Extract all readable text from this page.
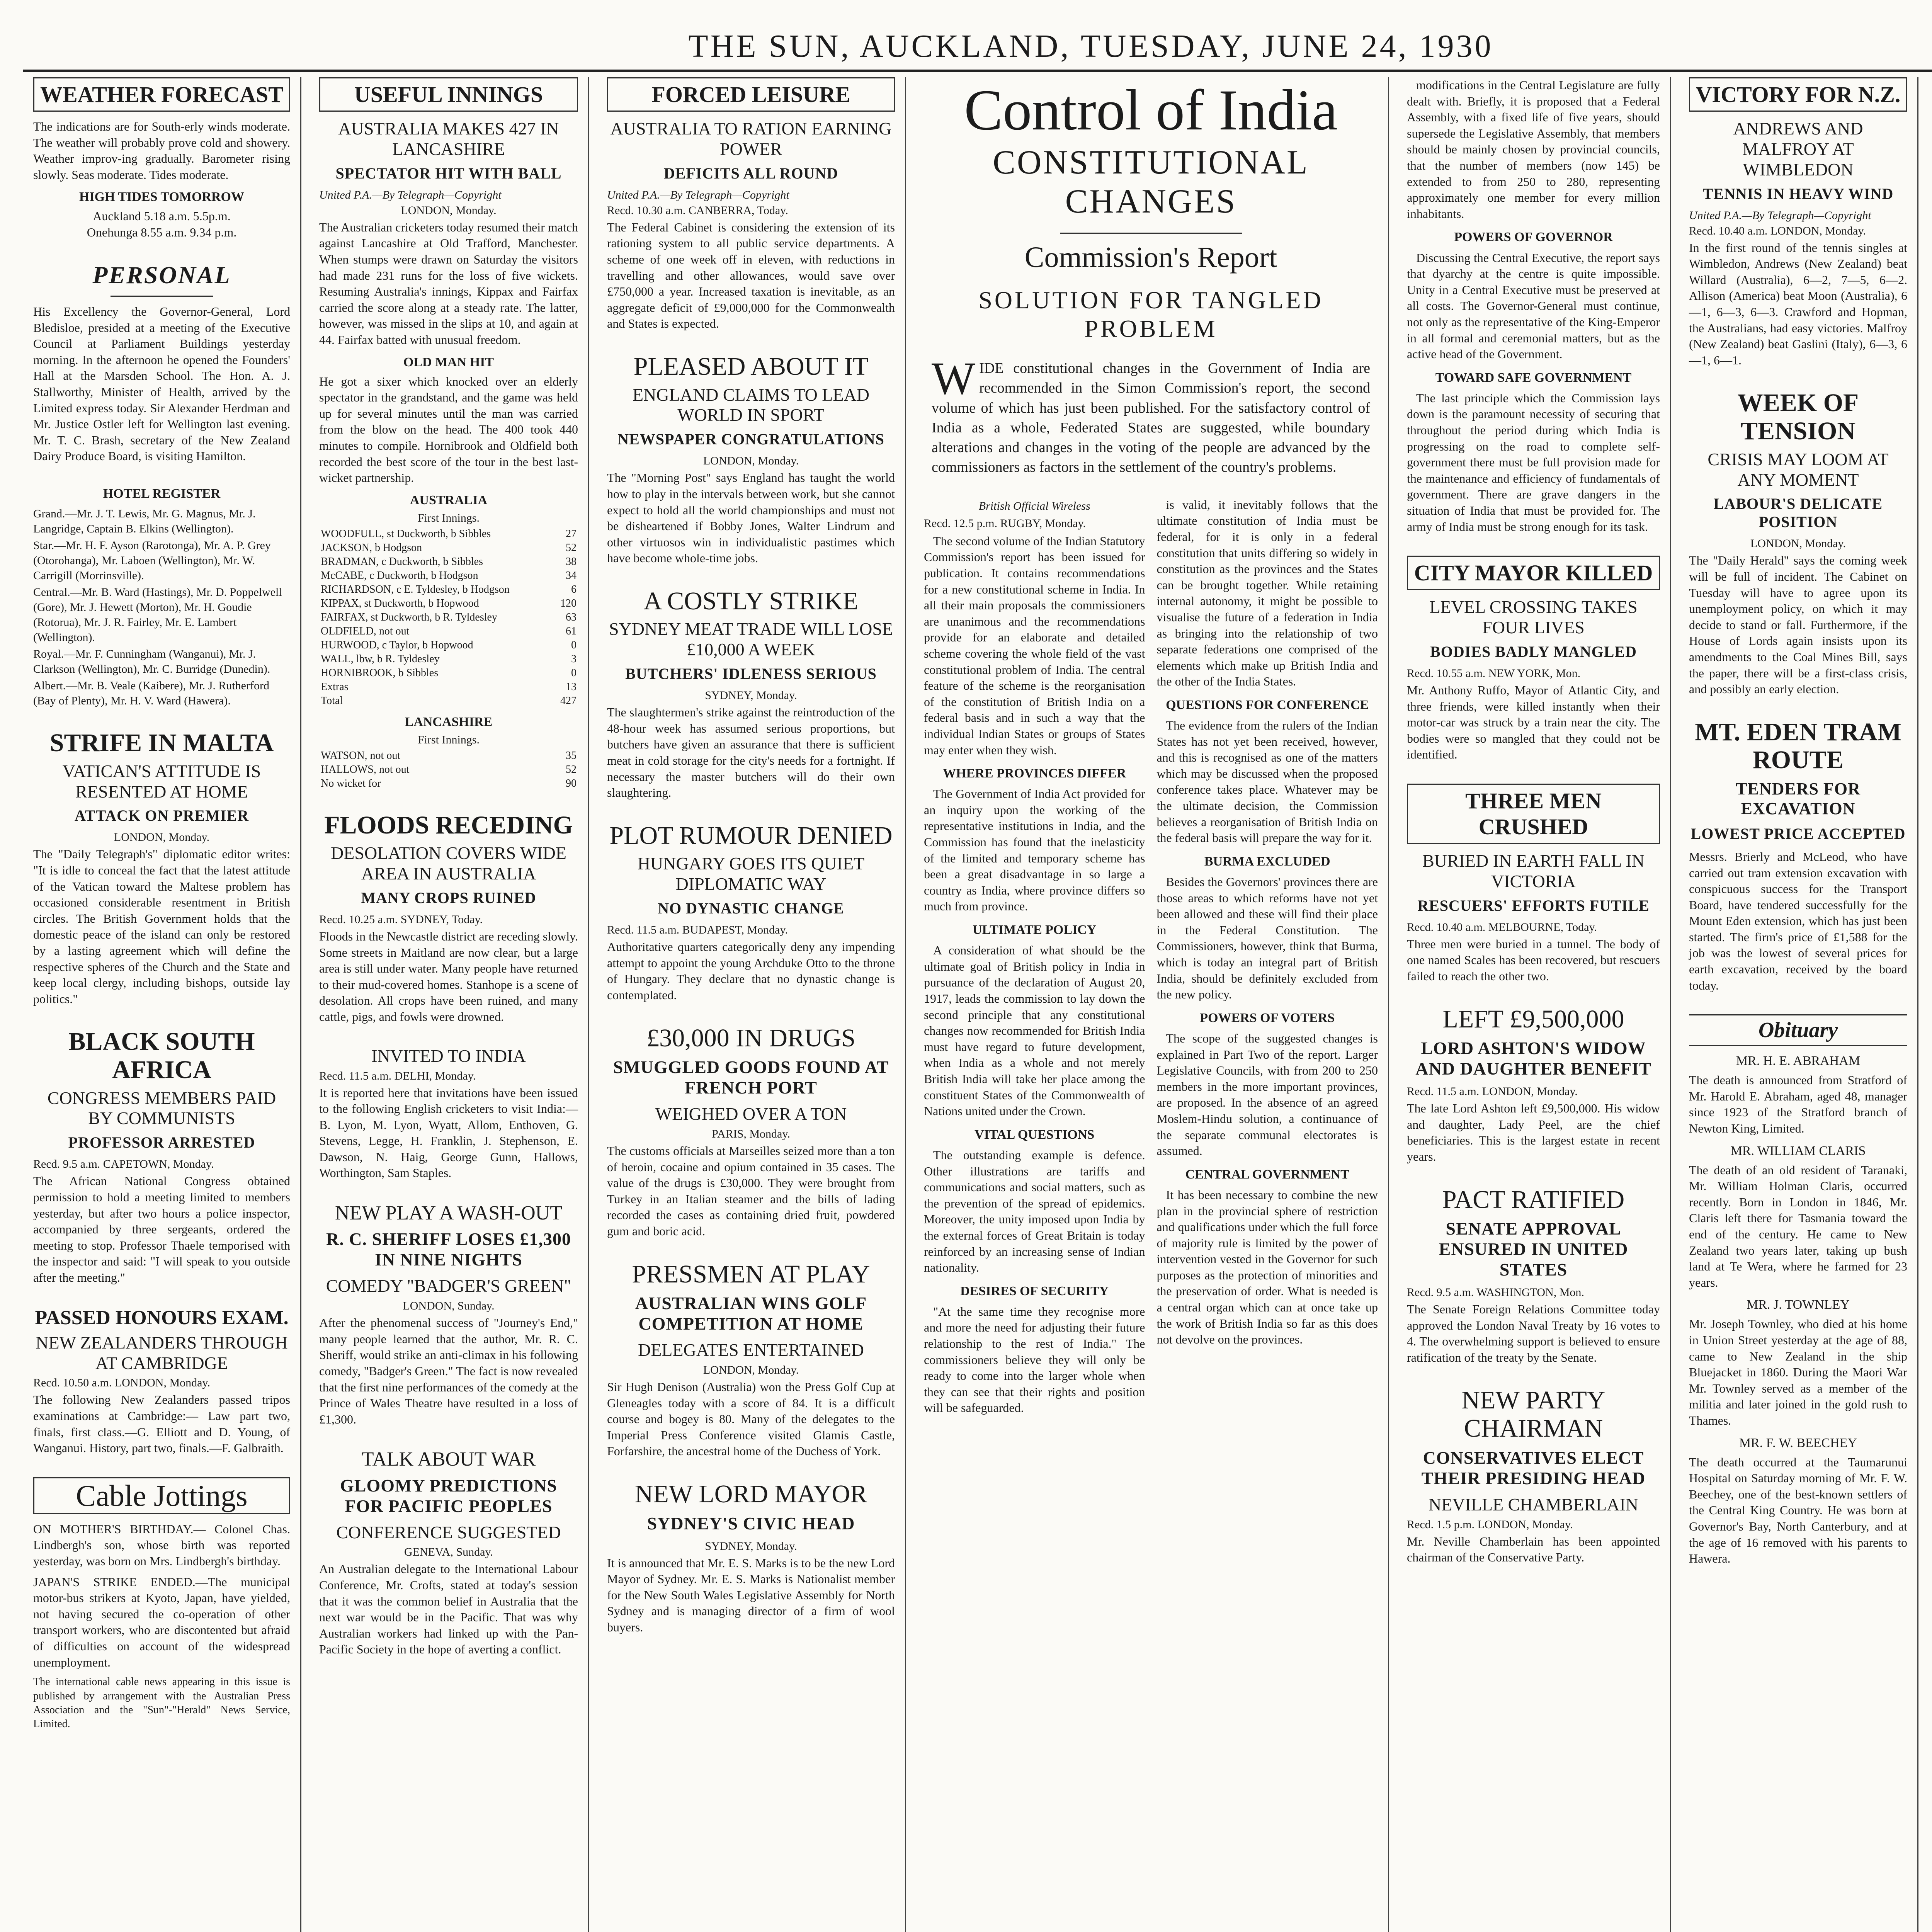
THE SUN, AUCKLAND, TUESDAY, JUNE 24, 1930
WEATHER FORECAST
The indications are for South-erly winds moderate. The weather will probably prove cold and showery. Weather improv-ing gradually. Barometer rising slowly. Seas moderate. Tides moderate.
HIGH TIDES TOMORROW
Auckland 5.18 a.m. 5.5p.m.
Onehunga 8.55 a.m. 9.34 p.m.
PERSONAL
His Excellency the Governor-General, Lord Bledisloe, presided at a meeting of the Executive Council at Parliament Buildings yesterday morning. In the afternoon he opened the Founders' Hall at the Marsden School. The Hon. A. J. Stallworthy, Minister of Health, arrived by the Limited express today. Sir Alexander Herdman and Mr. Justice Ostler left for Wellington last evening. Mr. T. C. Brash, secretary of the New Zealand Dairy Produce Board, is visiting Hamilton.
HOTEL REGISTER

Grand.—Mr. J. T. Lewis, Mr. G. Magnus, Mr. J. Langridge, Captain B. Elkins (Wellington).

Star.—Mr. H. F. Ayson (Rarotonga), Mr. A. P. Grey (Otorohanga), Mr. Laboen (Wellington), Mr. W. Carrigill (Morrinsville).

Central.—Mr. B. Ward (Hastings), Mr. D. Poppelwell (Gore), Mr. J. Hewett (Morton), Mr. H. Goudie (Rotorua), Mr. J. R. Fairley, Mr. E. Lambert (Wellington).

Royal.—Mr. F. Cunningham (Wanganui), Mr. J. Clarkson (Wellington), Mr. C. Burridge (Dunedin).

Albert.—Mr. B. Veale (Kaibere), Mr. J. Rutherford (Bay of Plenty), Mr. H. V. Ward (Hawera).

STRIFE IN MALTA
VATICAN'S ATTITUDE IS RESENTED AT HOME
ATTACK ON PREMIER
LONDON, Monday.
The "Daily Telegraph's" diplomatic editor writes: "It is idle to conceal the fact that the latest attitude of the Vatican toward the Maltese problem has occasioned considerable resentment in British circles. The British Government holds that the domestic peace of the island can only be restored by a lasting agreement which will define the respective spheres of the Church and the State and keep local clergy, including bishops, outside lay politics."
BLACK SOUTH AFRICA
CONGRESS MEMBERS PAID BY COMMUNISTS
PROFESSOR ARRESTED
Recd. 9.5 a.m. CAPETOWN, Monday.
The African National Congress obtained permission to hold a meeting limited to members yesterday, but after two hours a police inspector, accompanied by three sergeants, ordered the meeting to stop. Professor Thaele temporised with the inspector and said: "I will speak to you outside after the meeting."
PASSED HONOURS EXAM.
NEW ZEALANDERS THROUGH AT CAMBRIDGE
Recd. 10.50 a.m. LONDON, Monday.
The following New Zealanders passed tripos examinations at Cambridge:— Law part two, finals, first class.—G. Elliott and D. Young, of Wanganui. History, part two, finals.—F. Galbraith.
Cable Jottings
ON MOTHER'S BIRTHDAY.— Colonel Chas. Lindbergh's son, whose birth was reported yesterday, was born on Mrs. Lindbergh's birthday.
JAPAN'S STRIKE ENDED.—The municipal motor-bus strikers at Kyoto, Japan, have yielded, not having secured the co-operation of other transport workers, who are discontented but afraid of difficulties on account of the widespread unemployment.
The international cable news appearing in this issue is published by arrangement with the Australian Press Association and the "Sun"-"Herald" News Service, Limited.
USEFUL INNINGS
AUSTRALIA MAKES 427 IN LANCASHIRE
SPECTATOR HIT WITH BALL
United P.A.—By Telegraph—Copyright
LONDON, Monday.
The Australian cricketers today resumed their match against Lancashire at Old Trafford, Manchester. When stumps were drawn on Saturday the visitors had made 231 runs for the loss of five wickets. Resuming Australia's innings, Kippax and Fairfax carried the score along at a steady rate. The latter, however, was missed in the slips at 10, and again at 44. Fairfax batted with unusual freedom.
OLD MAN HIT
He got a sixer which knocked over an elderly spectator in the grandstand, and the game was held up for several minutes until the man was carried from the blow on the head. The 400 took 440 minutes to compile. Hornibrook and Oldfield both recorded the best score of the tour in the best last-wicket partnership.
AUSTRALIA
First Innings.
WOODFULL, st Duckworth, b Sibbles	27
JACKSON, b Hodgson	52
BRADMAN, c Duckworth, b Sibbles	38
McCABE, c Duckworth, b Hodgson	34
RICHARDSON, c E. Tyldesley, b Hodgson	6
KIPPAX, st Duckworth, b Hopwood	120
FAIRFAX, st Duckworth, b R. Tyldesley	63
OLDFIELD, not out	61
HURWOOD, c Taylor, b Hopwood	0
WALL, lbw, b R. Tyldesley	3
HORNIBROOK, b Sibbles	0
Extras	13
Total	427
LANCASHIRE
First Innings.
WATSON, not out	35
HALLOWS, not out	52
No wicket for	90
FLOODS RECEDING
DESOLATION COVERS WIDE AREA IN AUSTRALIA
MANY CROPS RUINED
Recd. 10.25 a.m. SYDNEY, Today.
Floods in the Newcastle district are receding slowly. Some streets in Maitland are now clear, but a large area is still under water. Many people have returned to their mud-covered homes. Stanhope is a scene of desolation. All crops have been ruined, and many cattle, pigs, and fowls were drowned.
INVITED TO INDIA
Recd. 11.5 a.m. DELHI, Monday.
It is reported here that invitations have been issued to the following English cricketers to visit India:—B. Lyon, M. Lyon, Wyatt, Allom, Enthoven, G. Stevens, Legge, H. Franklin, J. Stephenson, E. Dawson, N. Haig, George Gunn, Hallows, Worthington, Sam Staples.
NEW PLAY A WASH-OUT
R. C. SHERIFF LOSES £1,300 IN NINE NIGHTS
COMEDY "BADGER'S GREEN"
LONDON, Sunday.
After the phenomenal success of "Journey's End," many people learned that the author, Mr. R. C. Sheriff, would strike an anti-climax in his following comedy, "Badger's Green." The fact is now revealed that the first nine performances of the comedy at the Prince of Wales Theatre have resulted in a loss of £1,300.
TALK ABOUT WAR
GLOOMY PREDICTIONS FOR PACIFIC PEOPLES
CONFERENCE SUGGESTED
GENEVA, Sunday.
An Australian delegate to the International Labour Conference, Mr. Crofts, stated at today's session that it was the common belief in Australia that the next war would be in the Pacific. That was why Australian workers had linked up with the Pan-Pacific Society in the hope of averting a conflict.
FORCED LEISURE
AUSTRALIA TO RATION EARNING POWER
DEFICITS ALL ROUND
United P.A.—By Telegraph—Copyright
Recd. 10.30 a.m. CANBERRA, Today.
The Federal Cabinet is considering the extension of its rationing system to all public service departments. A scheme of one week off in eleven, with reductions in travelling and other allowances, would save over £750,000 a year. Increased taxation is inevitable, as an aggregate deficit of £9,000,000 for the Commonwealth and States is expected.
PLEASED ABOUT IT
ENGLAND CLAIMS TO LEAD WORLD IN SPORT
NEWSPAPER CONGRATULATIONS
LONDON, Monday.
The "Morning Post" says England has taught the world how to play in the intervals between work, but she cannot expect to hold all the world championships and must not be disheartened if Bobby Jones, Walter Lindrum and other virtuosos win in individualistic pastimes which have become whole-time jobs.
A COSTLY STRIKE
SYDNEY MEAT TRADE WILL LOSE £10,000 A WEEK
BUTCHERS' IDLENESS SERIOUS
SYDNEY, Monday.
The slaughtermen's strike against the reintroduction of the 48-hour week has assumed serious proportions, but butchers have given an assurance that there is sufficient meat in cold storage for the city's needs for a fortnight. If necessary the master butchers will do their own slaughtering.
PLOT RUMOUR DENIED
HUNGARY GOES ITS QUIET DIPLOMATIC WAY
NO DYNASTIC CHANGE
Recd. 11.5 a.m. BUDAPEST, Monday.
Authoritative quarters categorically deny any impending attempt to appoint the young Archduke Otto to the throne of Hungary. They declare that no dynastic change is contemplated.
£30,000 IN DRUGS
SMUGGLED GOODS FOUND AT FRENCH PORT
WEIGHED OVER A TON
PARIS, Monday.
The customs officials at Marseilles seized more than a ton of heroin, cocaine and opium contained in 35 cases. The value of the drugs is £30,000. They were brought from Turkey in an Italian steamer and the bills of lading recorded the cases as containing dried fruit, powdered gum and boric acid.
PRESSMEN AT PLAY
AUSTRALIAN WINS GOLF COMPETITION AT HOME
DELEGATES ENTERTAINED
LONDON, Monday.
Sir Hugh Denison (Australia) won the Press Golf Cup at Gleneagles today with a score of 84. It is a difficult course and bogey is 80. Many of the delegates to the Imperial Press Conference visited Glamis Castle, Forfarshire, the ancestral home of the Duchess of York.
NEW LORD MAYOR
SYDNEY'S CIVIC HEAD
SYDNEY, Monday.
It is announced that Mr. E. S. Marks is to be the new Lord Mayor of Sydney. Mr. E. S. Marks is Nationalist member for the New South Wales Legislative Assembly for North Sydney and is managing director of a firm of wool buyers.
Control of India
CONSTITUTIONAL CHANGES
Commission's Report
SOLUTION FOR TANGLED PROBLEM
WIDE constitutional changes in the Government of India are recommended in the Simon Commission's report, the second volume of which has just been published. For the satisfactory control of India as a whole, Federated States are suggested, while boundary alterations and changes in the voting of the people are advanced by the commissioners as factors in the settlement of the country's problems.
British Official Wireless
Recd. 12.5 p.m. RUGBY, Monday.

The second volume of the Indian Statutory Commission's report has been issued for publication. It contains recommendations for a new constitutional scheme in India. In all their main proposals the commissioners are unanimous and the recommendations provide for an elaborate and detailed scheme covering the whole field of the vast constitutional problem of India. The central feature of the scheme is the reorganisation of the constitution of British India on a federal basis and in such a way that the individual Indian States or groups of States may enter when they wish.

WHERE PROVINCES DIFFER

The Government of India Act provided for an inquiry upon the working of the representative institutions in India, and the Commission has found that the inelasticity of the limited and temporary scheme has been a great disadvantage in so large a country as India, where province differs so much from province.

ULTIMATE POLICY

A consideration of what should be the ultimate goal of British policy in India in pursuance of the declaration of August 20, 1917, leads the commission to lay down the second principle that any constitutional changes now recommended for British India must have regard to future development, when India as a whole and not merely British India will take her place among the constituent States of the Commonwealth of Nations united under the Crown.

VITAL QUESTIONS

The outstanding example is defence. Other illustrations are tariffs and communications and social matters, such as the prevention of the spread of epidemics. Moreover, the unity imposed upon India by the external forces of Great Britain is today reinforced by an increasing sense of Indian nationality.

DESIRES OF SECURITY

"At the same time they recognise more and more the need for adjusting their future relationship to the rest of India." The commissioners believe they will only be ready to come into the larger whole when they can see that their rights and position will be safeguarded.

is valid, it inevitably follows that the ultimate constitution of India must be federal, for it is only in a federal constitution that units differing so widely in constitution as the provinces and the States can be brought together. While retaining internal autonomy, it might be possible to visualise the future of a federation in India as bringing into the relationship of two separate federations one comprised of the elements which make up British India and the other of the India States.

QUESTIONS FOR CONFERENCE

The evidence from the rulers of the Indian States has not yet been received, however, and this is recognised as one of the matters which may be discussed when the proposed conference takes place. Whatever may be the ultimate decision, the Commission believes a reorganisation of British India on the federal basis will prepare the way for it.

BURMA EXCLUDED

Besides the Governors' provinces there are those areas to which reforms have not yet been allowed and these will find their place in the Federal Constitution. The Commissioners, however, think that Burma, which is today an integral part of British India, should be definitely excluded from the new policy.

POWERS OF VOTERS

The scope of the suggested changes is explained in Part Two of the report. Larger Legislative Councils, with from 200 to 250 members in the more important provinces, are proposed. In the absence of an agreed Moslem-Hindu solution, a continuance of the separate communal electorates is assumed.

CENTRAL GOVERNMENT

It has been necessary to combine the new plan in the provincial sphere of restriction and qualifications under which the full force of majority rule is limited by the power of intervention vested in the Governor for such purposes as the protection of minorities and the preservation of order. What is needed is a central organ which can at once take up the work of British India so far as this does not devolve on the provinces.

modifications in the Central Legislature are fully dealt with. Briefly, it is proposed that a Federal Assembly, with a fixed life of five years, should supersede the Legislative Assembly, that members should be mainly chosen by provincial councils, that the number of members (now 145) be extended to from 250 to 280, representing approximately one member for every million inhabitants.

POWERS OF GOVERNOR

Discussing the Central Executive, the report says that dyarchy at the centre is quite impossible. Unity in a Central Executive must be preserved at all costs. The Governor-General must continue, not only as the representative of the King-Emperor in all formal and ceremonial matters, but as the active head of the Government.

TOWARD SAFE GOVERNMENT

The last principle which the Commission lays down is the paramount necessity of securing that throughout the period during which India is progressing on the road to complete self-government there must be full provision made for the maintenance and efficiency of fundamentals of government. There are grave dangers in the situation of India that must be provided for. The army of India must be strong enough for its task.

CITY MAYOR KILLED
LEVEL CROSSING TAKES FOUR LIVES
BODIES BADLY MANGLED
Recd. 10.55 a.m. NEW YORK, Mon.
Mr. Anthony Ruffo, Mayor of Atlantic City, and three friends, were killed instantly when their motor-car was struck by a train near the city. The bodies were so mangled that they could not be identified.
THREE MEN CRUSHED
BURIED IN EARTH FALL IN VICTORIA
RESCUERS' EFFORTS FUTILE
Recd. 10.40 a.m. MELBOURNE, Today.
Three men were buried in a tunnel. The body of one named Scales has been recovered, but rescuers failed to reach the other two.
LEFT £9,500,000
LORD ASHTON'S WIDOW AND DAUGHTER BENEFIT
Recd. 11.5 a.m. LONDON, Monday.
The late Lord Ashton left £9,500,000. His widow and daughter, Lady Peel, are the chief beneficiaries. This is the largest estate in recent years.
PACT RATIFIED
SENATE APPROVAL ENSURED IN UNITED STATES
Recd. 9.5 a.m. WASHINGTON, Mon.
The Senate Foreign Relations Committee today approved the London Naval Treaty by 16 votes to 4. The overwhelming support is believed to ensure ratification of the treaty by the Senate.
NEW PARTY CHAIRMAN
CONSERVATIVES ELECT THEIR PRESIDING HEAD
NEVILLE CHAMBERLAIN
Recd. 1.5 p.m. LONDON, Monday.
Mr. Neville Chamberlain has been appointed chairman of the Conservative Party.
VICTORY FOR N.Z.
ANDREWS AND MALFROY AT WIMBLEDON
TENNIS IN HEAVY WIND
United P.A.—By Telegraph—Copyright
Recd. 10.40 a.m. LONDON, Monday.
In the first round of the tennis singles at Wimbledon, Andrews (New Zealand) beat Willard (Australia), 6—2, 7—5, 6—2. Allison (America) beat Moon (Australia), 6—1, 6—3, 6—3. Crawford and Hopman, the Australians, had easy victories. Malfroy (New Zealand) beat Gaslini (Italy), 6—3, 6—1, 6—1.
WEEK OF TENSION
CRISIS MAY LOOM AT ANY MOMENT
LABOUR'S DELICATE POSITION
LONDON, Monday.
The "Daily Herald" says the coming week will be full of incident. The Cabinet on Tuesday will have to agree upon its unemployment policy, on which it may decide to stand or fall. Furthermore, if the House of Lords again insists upon its amendments to the Coal Mines Bill, says the paper, there will be a first-class crisis, and possibly an early election.
MT. EDEN TRAM ROUTE
TENDERS FOR EXCAVATION
LOWEST PRICE ACCEPTED
Messrs. Brierly and McLeod, who have carried out tram extension excavation with conspicuous success for the Transport Board, have tendered successfully for the Mount Eden extension, which has just been started. The firm's price of £1,588 for the job was the lowest of several prices for earth excavation, received by the board today.
Obituary
MR. H. E. ABRAHAM
The death is announced from Stratford of Mr. Harold E. Abraham, aged 48, manager since 1923 of the Stratford branch of Newton King, Limited.
MR. WILLIAM CLARIS
The death of an old resident of Taranaki, Mr. William Holman Claris, occurred recently. Born in London in 1846, Mr. Claris left there for Tasmania toward the end of the century. He came to New Zealand two years later, taking up bush land at Te Wera, where he farmed for 23 years.
MR. J. TOWNLEY
Mr. Joseph Townley, who died at his home in Union Street yesterday at the age of 88, came to New Zealand in the ship Bluejacket in 1860. During the Maori War Mr. Townley served as a member of the militia and later joined in the gold rush to Thames.
MR. F. W. BEECHEY
The death occurred at the Taumarunui Hospital on Saturday morning of Mr. F. W. Beechey, one of the best-known settlers of the Central King Country. He was born at Governor's Bay, North Canterbury, and at the age of 16 removed with his parents to Hawera.
